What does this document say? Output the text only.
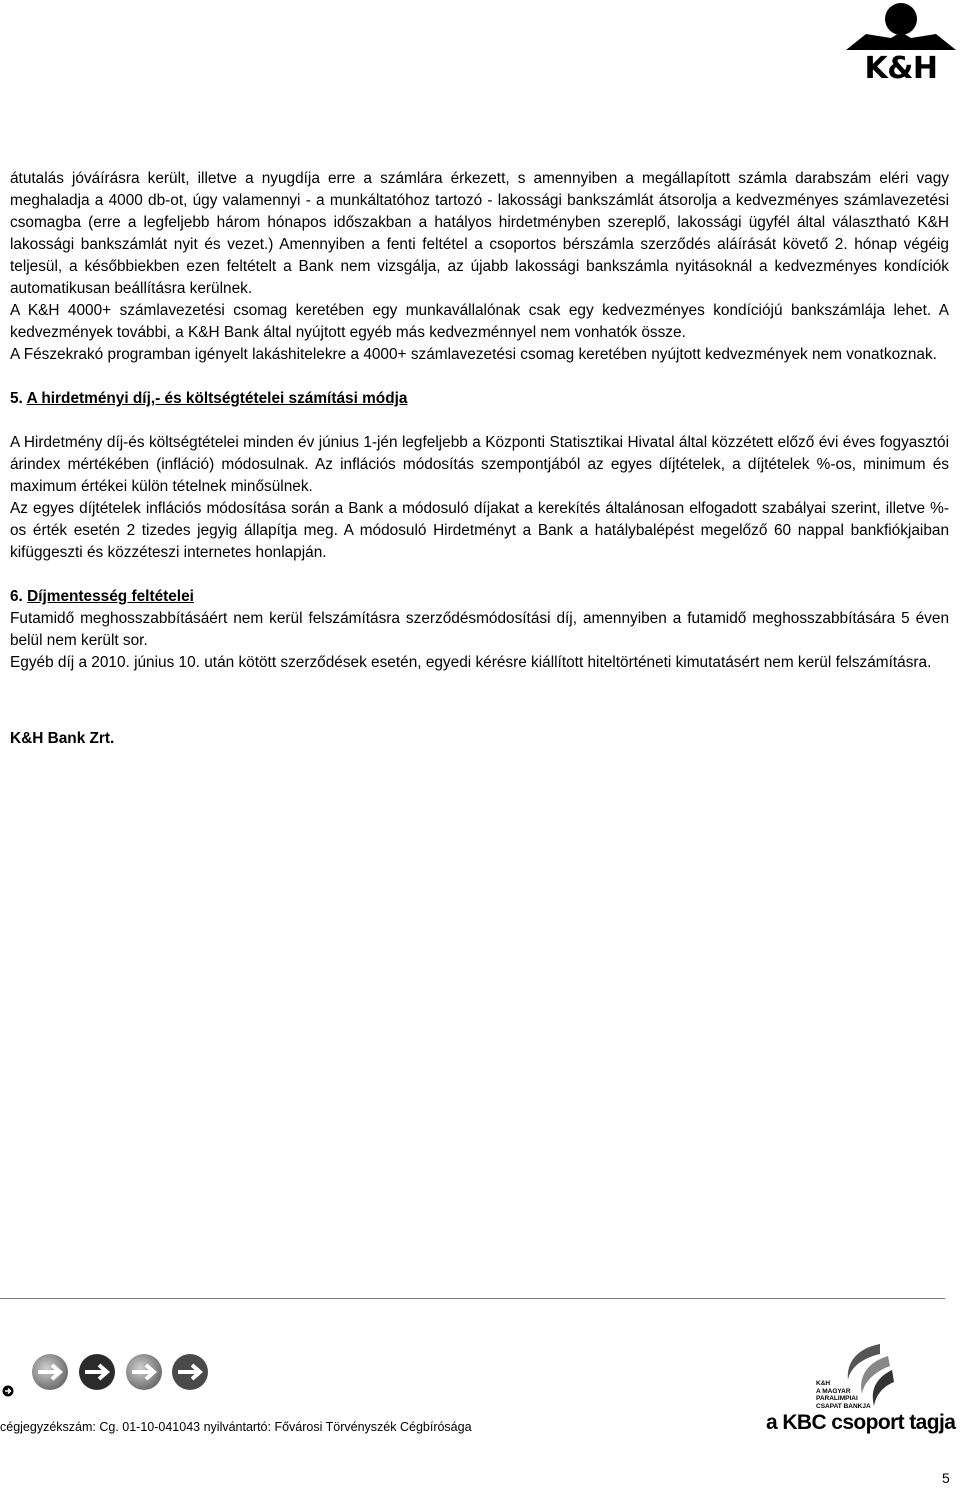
K&H

átutalás jóváírásra került, illetve a nyugdíja erre a számlára érkezett, s amennyiben a megállapított számla darabszám eléri vagy meghaladja a 4000 db-ot, úgy valamennyi - a munkáltatóhoz tartozó - lakossági bankszámlát átsorolja a kedvezményes számlavezetési csomagba (erre a legfeljebb három hónapos időszakban a hatályos hirdetményben szereplő, lakossági ügyfél által választható K&H lakossági bankszámlát nyit és vezet.) Amennyiben a fenti feltétel a csoportos bérszámla szerződés aláírását követő 2. hónap végéig teljesül, a későbbiekben ezen feltételt a Bank nem vizsgálja, az újabb lakossági bankszámla nyitásoknál a kedvezményes kondíciók automatikusan beállításra kerülnek.

A K&H 4000+ számlavezetési csomag keretében egy munkavállalónak csak egy kedvezményes kondíciójú bankszámlája lehet. A kedvezmények további, a K&H Bank által nyújtott egyéb más kedvezménnyel nem vonhatók össze.

A Fészekrakó programban igényelt lakáshitelekre a 4000+ számlavezetési csomag keretében nyújtott kedvezmények nem vonatkoznak.

5. A hirdetményi díj,- és költségtételei számítási módja

A Hirdetmény díj-és költségtételei minden év június 1-jén legfeljebb a Központi Statisztikai Hivatal által közzétett előző évi éves fogyasztói árindex mértékében (infláció) módosulnak. Az inflációs módosítás szempontjából az egyes díjtételek, a díjtételek %-os, minimum és maximum értékei külön tételnek minősülnek.

Az egyes díjtételek inflációs módosítása során a Bank a módosuló díjakat a kerekítés általánosan elfogadott szabályai szerint, illetve %-os érték esetén 2 tizedes jegyig állapítja meg. A módosuló Hirdetményt a Bank a hatálybalépést megelőző 60 nappal bankfiókjaiban kifüggeszti és közzéteszi internetes honlapján.

6. Díjmentesség feltételei

Futamidő meghosszabbításáért nem kerül felszámításra szerződésmódosítási díj, amennyiben a futamidő meghosszabbítására 5 éven belül nem került sor.

Egyéb díj a 2010. június 10. után kötött szerződések esetén, egyedi kérésre kiállított hiteltörténeti kimutatásért nem kerül felszámításra.

K&H Bank Zrt.

K&H
A MAGYAR
PARALIMPIAI
CSAPAT BANKJA
cégjegyzékszám: Cg. 01-10-041043 nyilvántartó: Fővárosi Törvényszék Cégbírósága	a KBC csoport tagja
5
